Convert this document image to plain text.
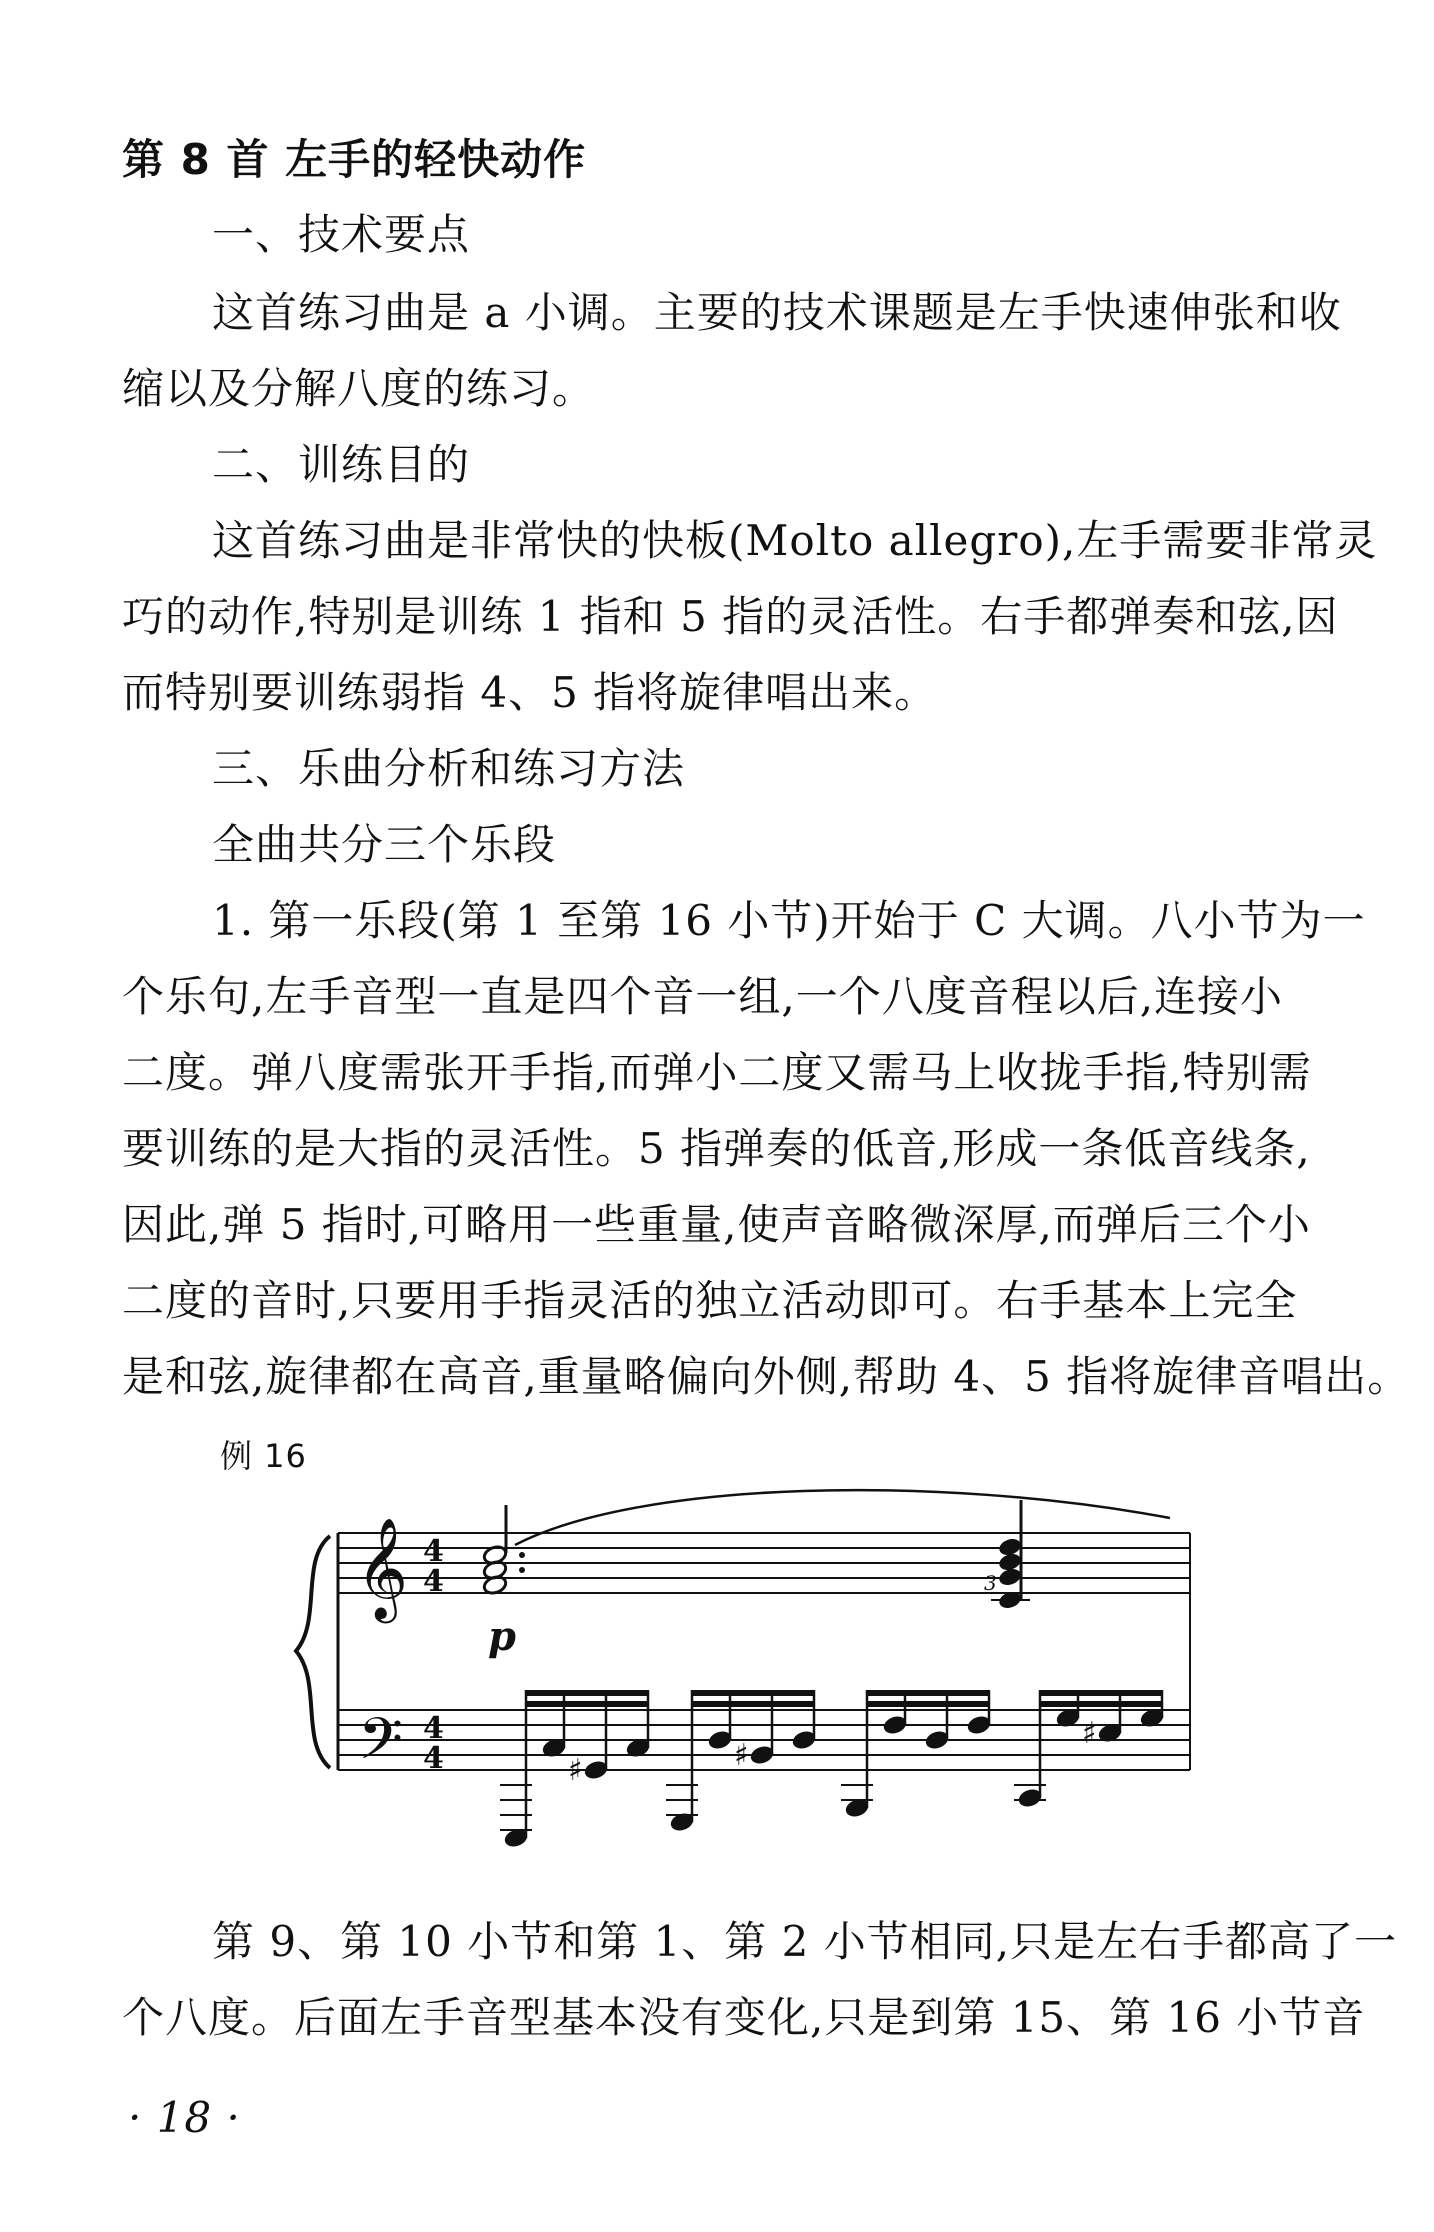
第 8 首 左手的轻快动作
一、技术要点
这首练习曲是 a 小调。主要的技术课题是左手快速伸张和收
缩以及分解八度的练习。
二、训练目的
这首练习曲是非常快的快板(Molto allegro),左手需要非常灵
巧的动作,特别是训练 1 指和 5 指的灵活性。右手都弹奏和弦,因
而特别要训练弱指 4、5 指将旋律唱出来。
三、乐曲分析和练习方法
全曲共分三个乐段
1. 第一乐段(第 1 至第 16 小节)开始于 C 大调。八小节为一
个乐句,左手音型一直是四个音一组,一个八度音程以后,连接小
二度。弹八度需张开手指,而弹小二度又需马上收拢手指,特别需
要训练的是大指的灵活性。5 指弹奏的低音,形成一条低音线条,
因此,弹 5 指时,可略用一些重量,使声音略微深厚,而弹后三个小
二度的音时,只要用手指灵活的独立活动即可。右手基本上完全
是和弦,旋律都在高音,重量略偏向外侧,帮助 4、5 指将旋律音唱出。
例 16
𝄞
𝄢
4
4
4
4
p
3
♯	♯
♯
第 9、第 10 小节和第 1、第 2 小节相同,只是左右手都高了一
个八度。后面左手音型基本没有变化,只是到第 15、第 16 小节音
· 18 ·
